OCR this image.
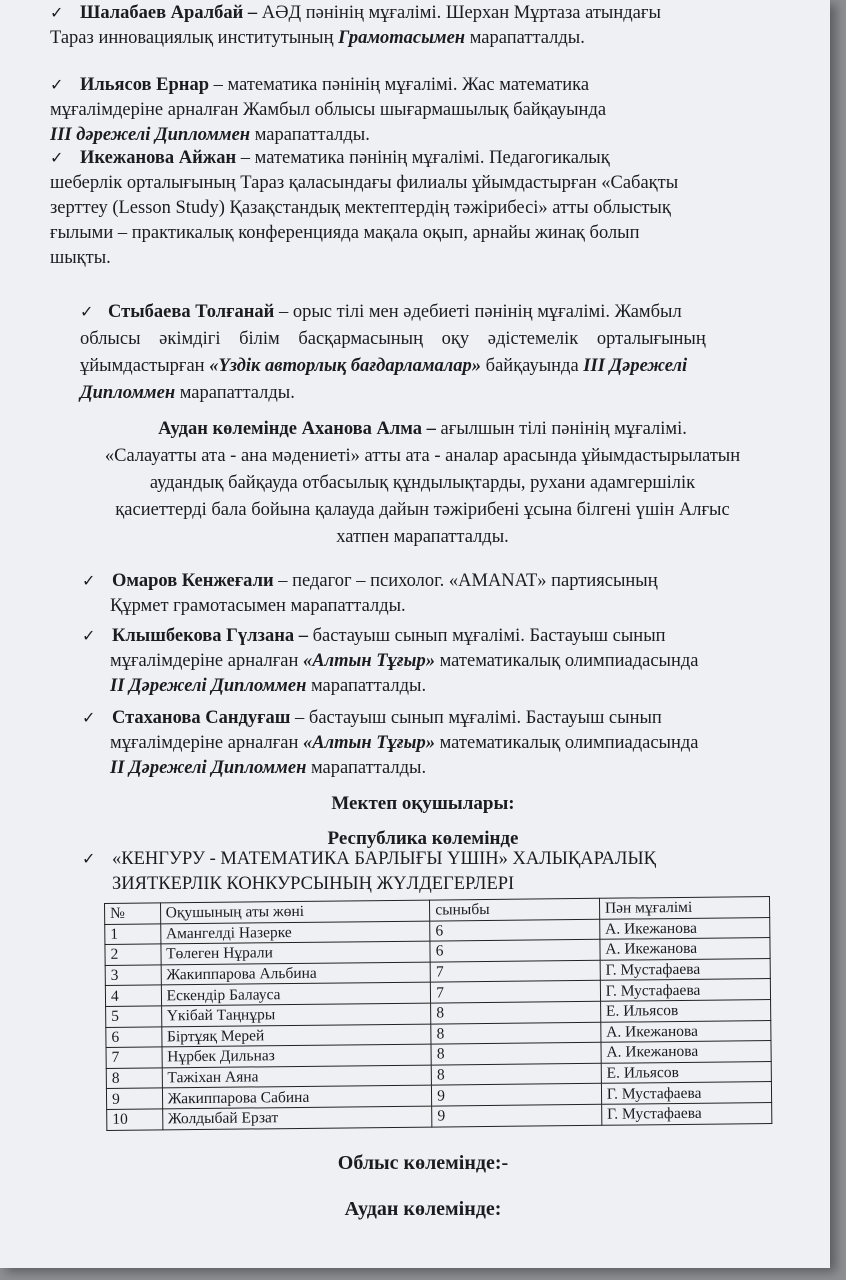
✓ Шалабаев Аралбай – АӘД пәнінің мұғалімі. Шерхан Мұртаза атындағы
Тараз инновациялық институтының Грамотасымен марапатталды.
✓ Ильясов Ернар – математика пәнінің мұғалімі. Жас математика
мұғалімдеріне арналған Жамбыл облысы шығармашылық байқауында
ІІІ дәрежелі Дипломмен марапатталды.
✓ Икежанова Айжан – математика пәнінің мұғалімі. Педагогикалық
шеберлік орталығының Тараз қаласындағы филиалы ұйымдастырған «Сабақты
зерттеу (Lesson Study) Қазақстандық мектептердің тәжірибесі» атты облыстық
ғылыми – практикалық конференцияда мақала оқып, арнайы жинақ болып
шықты.
✓ Стыбаева Толғанай – орыс тілі мен әдебиеті пәнінің мұғалімі. Жамбыл
облысы әкімдігі білім басқармасының оқу әдістемелік орталығының
ұйымдастырған «Үздік авторлық бағдарламалар» байқауында ІІІ Дәрежелі
Дипломмен марапатталды.
Аудан көлемінде Аханова Алма – ағылшын тілі пәнінің мұғалімі.
«Салауатты ата - ана мәдениеті» атты ата - аналар арасында ұйымдастырылатын
аудандық байқауда отбасылық құндылықтарды, рухани адамгершілік
қасиеттерді бала бойына қалауда дайын тәжірибені ұсына білгені үшін Алғыс
хатпен марапатталды.
✓ Омаров Кенжеғали – педагог – психолог. «AMANAT» партиясының
Құрмет грамотасымен марапатталды.
✓ Клышбекова Гүлзана – бастауыш сынып мұғалімі. Бастауыш сынып
мұғалімдеріне арналған «Алтын Тұғыр» математикалық олимпиадасында
ІІ Дәрежелі Дипломмен марапатталды.
✓ Стаханова Сандуғаш – бастауыш сынып мұғалімі. Бастауыш сынып
мұғалімдеріне арналған «Алтын Тұғыр» математикалық олимпиадасында
ІІ Дәрежелі Дипломмен марапатталды.
Мектеп оқушылары:
Республика көлемінде
✓ «КЕНГУРУ - МАТЕМАТИКА БАРЛЫҒЫ ҮШІН» ХАЛЫҚАРАЛЫҚ
ЗИЯТКЕРЛІК КОНКУРСЫНЫҢ ЖҮЛДЕГЕРЛЕРІ
№	Оқушының аты жөні	сыныбы	Пән мұғалімі
1	Амангелді Назерке	6	А. Икежанова
2	Төлеген Нұрали	6	А. Икежанова
3	Жакиппарова Альбина	7	Г. Мустафаева
4	Ескендір Балауса	7	Г. Мустафаева
5	Үкібай Таңнұры	8	Е. Ильясов
6	Біртұяқ Мерей	8	А. Икежанова
7	Нұрбек Дильназ	8	А. Икежанова
8	Тажіхан Аяна	8	Е. Ильясов
9	Жакиппарова Сабина	9	Г. Мустафаева
10	Жолдыбай Ерзат	9	Г. Мустафаева
Облыс көлемінде:-
Аудан көлемінде:
